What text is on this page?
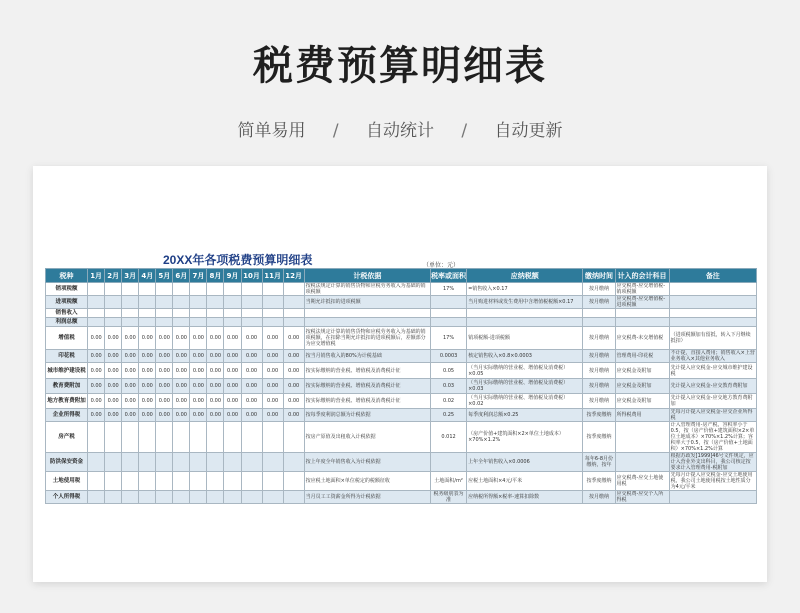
税费预算明细表
简单易用 / 自动统计 / 自动更新
20XX年各项税费预算明细表	（单位：元）
税种	1月	2月	3月	4月	5月	6月	7月	8月	9月	10月	11月	12月	计税依据	税率或面积	应纳税额	缴纳时间	计入的会计科目	备注
销项税额													按税法规定计算的销售货物和应税劳务收入为基础的销项税额	17%	=销售收入×0.17	按月缴纳	应交税费-应交增值税-销项税额	
进项税额													当期允许抵扣的进项税额		当月购进材料或发生费用中含增值税税额×0.17	按月缴纳	应交税费-应交增值税-进项税额	
销售收入																		
利润总额																		
增值税	0.00	0.00	0.00	0.00	0.00	0.00	0.00	0.00	0.00	0.00	0.00	0.00	按税法规定计算的销售货物和应税劳务收入为基础的销项税额，在扣除当期允许抵扣的进项税额后，差额部分为应交增值税	17%	销项税额-进项税额	按月缴纳	应交税费-未交增值税	（进项税额加有留抵，转入下月继续抵扣）
印花税	0.00	0.00	0.00	0.00	0.00	0.00	0.00	0.00	0.00	0.00	0.00	0.00	按当月销售收入的80%为计税基础	0.0003	核定销售收入×0.8×0.0003	按月缴纳	管理费用-印花税	不计提，直接入费用；销售收入×上营业务收入×其他业务收入
城市维护建设税	0.00	0.00	0.00	0.00	0.00	0.00	0.00	0.00	0.00	0.00	0.00	0.00	按实际缴纳的营业税、增值税及消费税计征	0.05	（当月实际缴纳的营业税、增值税及消费税）×0.05	按月缴纳	应交税金及附加	先计提入应交税金-应交城市维护建设税
教育费附加	0.00	0.00	0.00	0.00	0.00	0.00	0.00	0.00	0.00	0.00	0.00	0.00	按实际缴纳的营业税、增值税及消费税计征	0.03	（当月实际缴纳的营业税、增值税及消费税）×0.03	按月缴纳	应交税金及附加	先计提入应交税金-应交教育费附加
地方教育费附加	0.00	0.00	0.00	0.00	0.00	0.00	0.00	0.00	0.00	0.00	0.00	0.00	按实际缴纳的营业税、增值税及消费税计征	0.02	（当月实际缴纳的营业税、增值税及消费税）×0.02	按月缴纳	应交税金及附加	先计提入应交税金-应交地方教育费附加
企业所得税	0.00	0.00	0.00	0.00	0.00	0.00	0.00	0.00	0.00	0.00	0.00	0.00	按每季度利润总额为计税依据	0.25	每季度利润总额×0.25	按季度缴纳	所得税费用	先每月计提入应交税金-应交企业所得税
房产税													按房产原值及出租收入计税依据	0.012	（房产价值+建筑面积×2×单位土地成本）×70%×1.2%	按季度缴纳		计入管理费用-房产税，容积率小于0.5，按（房产价值+建筑面积×2×单位土地成本）×70%×1.2%计算；容积率大于0.5，按（房产价值+土地面积）×70%×1.2%计算
防洪保安资金													按上年度全年销售收入为计税依据		上年全年销售收入×0.0006	每年6-8月份缴纳，按年		根据苏政发[1999]46号文件规定，应计入营业外支出科目，我公司核定按要求计入管理费用-税附加
土地使用税													按应税土地面积×单位税定的税额征收	土地面积/m²	应税土地面积×4元/平米	按季度缴纳	应交税费-应交土地使用税	先每月计提入应交税金-应交土地使用税，我公司土地使用税按土地性质分为4元/平米
个人所得税													当月员工工资薪金所得为计税依据	税务级别表为准	应纳税所得额×税率-速算扣除数	按月缴纳	应交税费-应交个人所得税	
